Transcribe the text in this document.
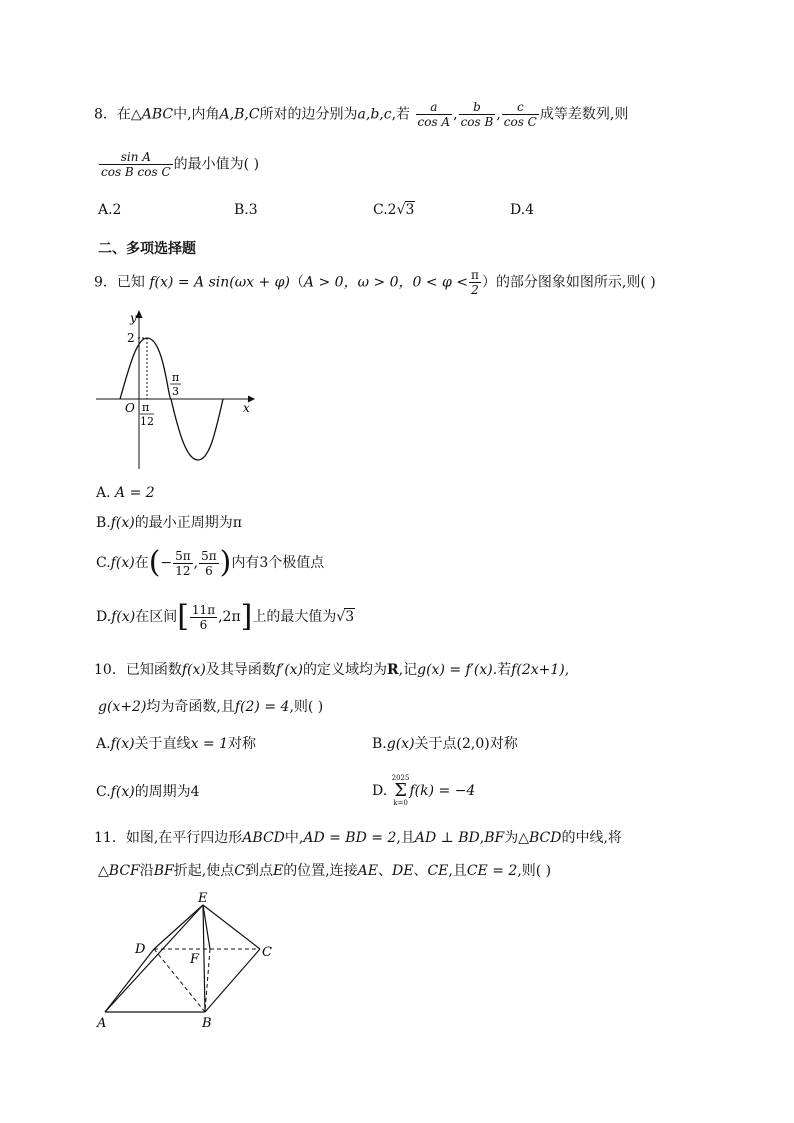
8．在△ABC中,内角A,B,C所对的边分别为a,b,c,若 $\frac{a}{\text{cos A}}$ , $\frac{b}{\text{cos B}}$ , $\frac{c}{\text{cos C}}$ 成等差数列,则
$\frac{\text{sin A}}{\text{cos B cos C}}$ 的最小值为( )
A.2	B.3	C.2√3	D.4
二、多项选择题
9．已知 f(x) = A sin(ωx + φ)（A > 0，ω > 0，$0 < \varphi < \frac{\pi}{2}$ ）的部分图象如图所示,则( )
y
x
O
2
π
12
π
3
A. A = 2
B.f(x)的最小正周期为π
C.f(x)在(− $\frac{5\pi}{12}$ , $\frac{5\pi}{6}$ )内有3个极值点
D.f(x)在区间[ $\frac{11\pi}{6} ,2\pi$]上的最大值为√3
10．已知函数f(x)及其导函数f′(x)的定义域均为R,记g(x) = f′(x).若f(2x+1),
g(x+2)均为奇函数,且f(2) = 4,则( )
A.f(x)关于直线x = 1对称	B.g(x)关于点(2,0)对称
C.f(x)的周期为4	D.
2025
Σ
k=0
f(k) = −4
11．如图,在平行四边形ABCD中,AD = BD = 2,且AD ⊥ BD,BF为△BCD的中线,将
△BCF沿BF折起,使点C到点E的位置,连接AE、DE、CE,且CE = 2,则( )
E
D	C
F
A	B
